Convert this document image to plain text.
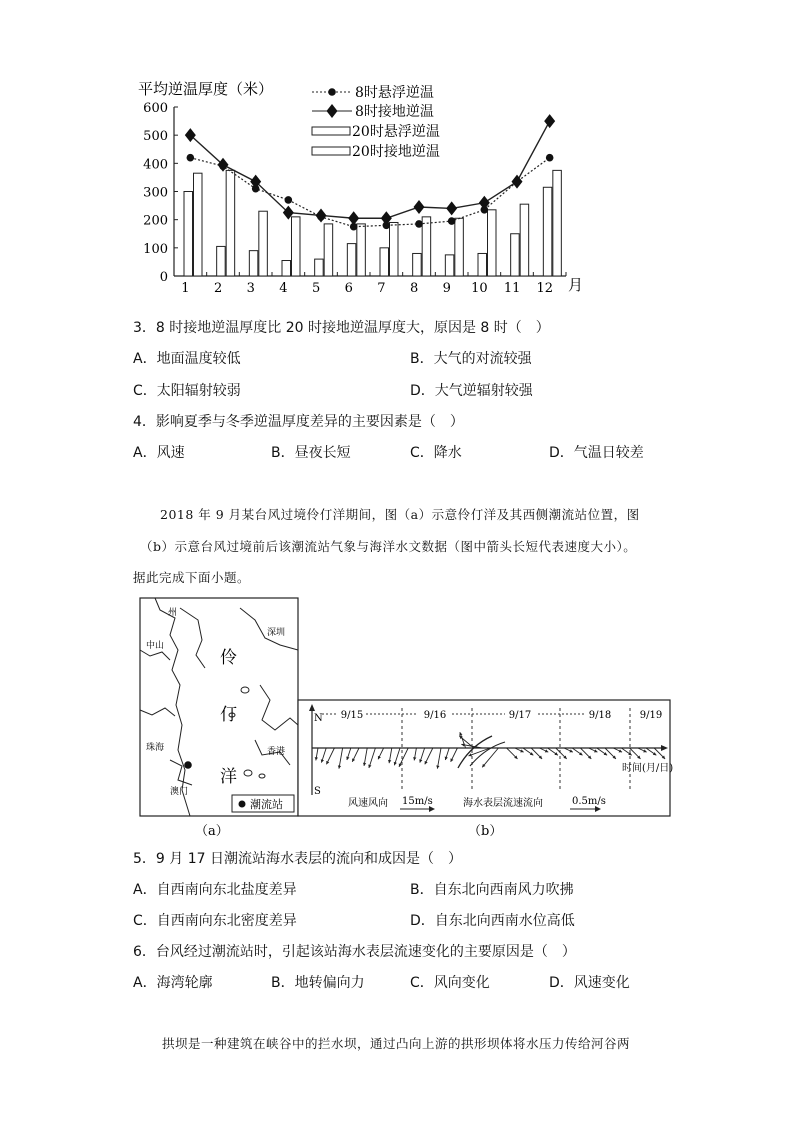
平均逆温厚度（米）
0
100
200
300
400
500
600
1 2 3 4 5 6 7 8 9 10 11 12 月
8时悬浮逆温
8时接地逆温
20时悬浮逆温
20时接地逆温
3．8 时接地逆温厚度比 20 时接地逆温厚度大，原因是 8 时（　）
A．地面温度较低	B．大气的对流较强
C．太阳辐射较弱	D．大气逆辐射较强
4．影响夏季与冬季逆温厚度差异的主要因素是（　）
A．风速	B．昼夜长短	C．降水	D．气温日较差
2018 年 9 月某台风过境伶仃洋期间，图（a）示意伶仃洋及其西侧潮流站位置，图
（b）示意台风过境前后该潮流站气象与海洋水文数据（图中箭头长短代表速度大小）。
据此完成下面小题。
州
深圳
中山
伶
仃
洋
珠海	香港
澳门
潮流站
N
S
时间(月/日)
9/15	9/16	9/17	9/18	9/19
风速风向 15m/s	海水表层流速流向	0.5m/s
（a）	（b）
5．9 月 17 日潮流站海水表层的流向和成因是（　）
A．自西南向东北盐度差异	B．自东北向西南风力吹拂
C．自西南向东北密度差异	D．自东北向西南水位高低
6．台风经过潮流站时，引起该站海水表层流速变化的主要原因是（　）
A．海湾轮廓	B．地转偏向力	C．风向变化	D．风速变化
拱坝是一种建筑在峡谷中的拦水坝，通过凸向上游的拱形坝体将水压力传给河谷两
